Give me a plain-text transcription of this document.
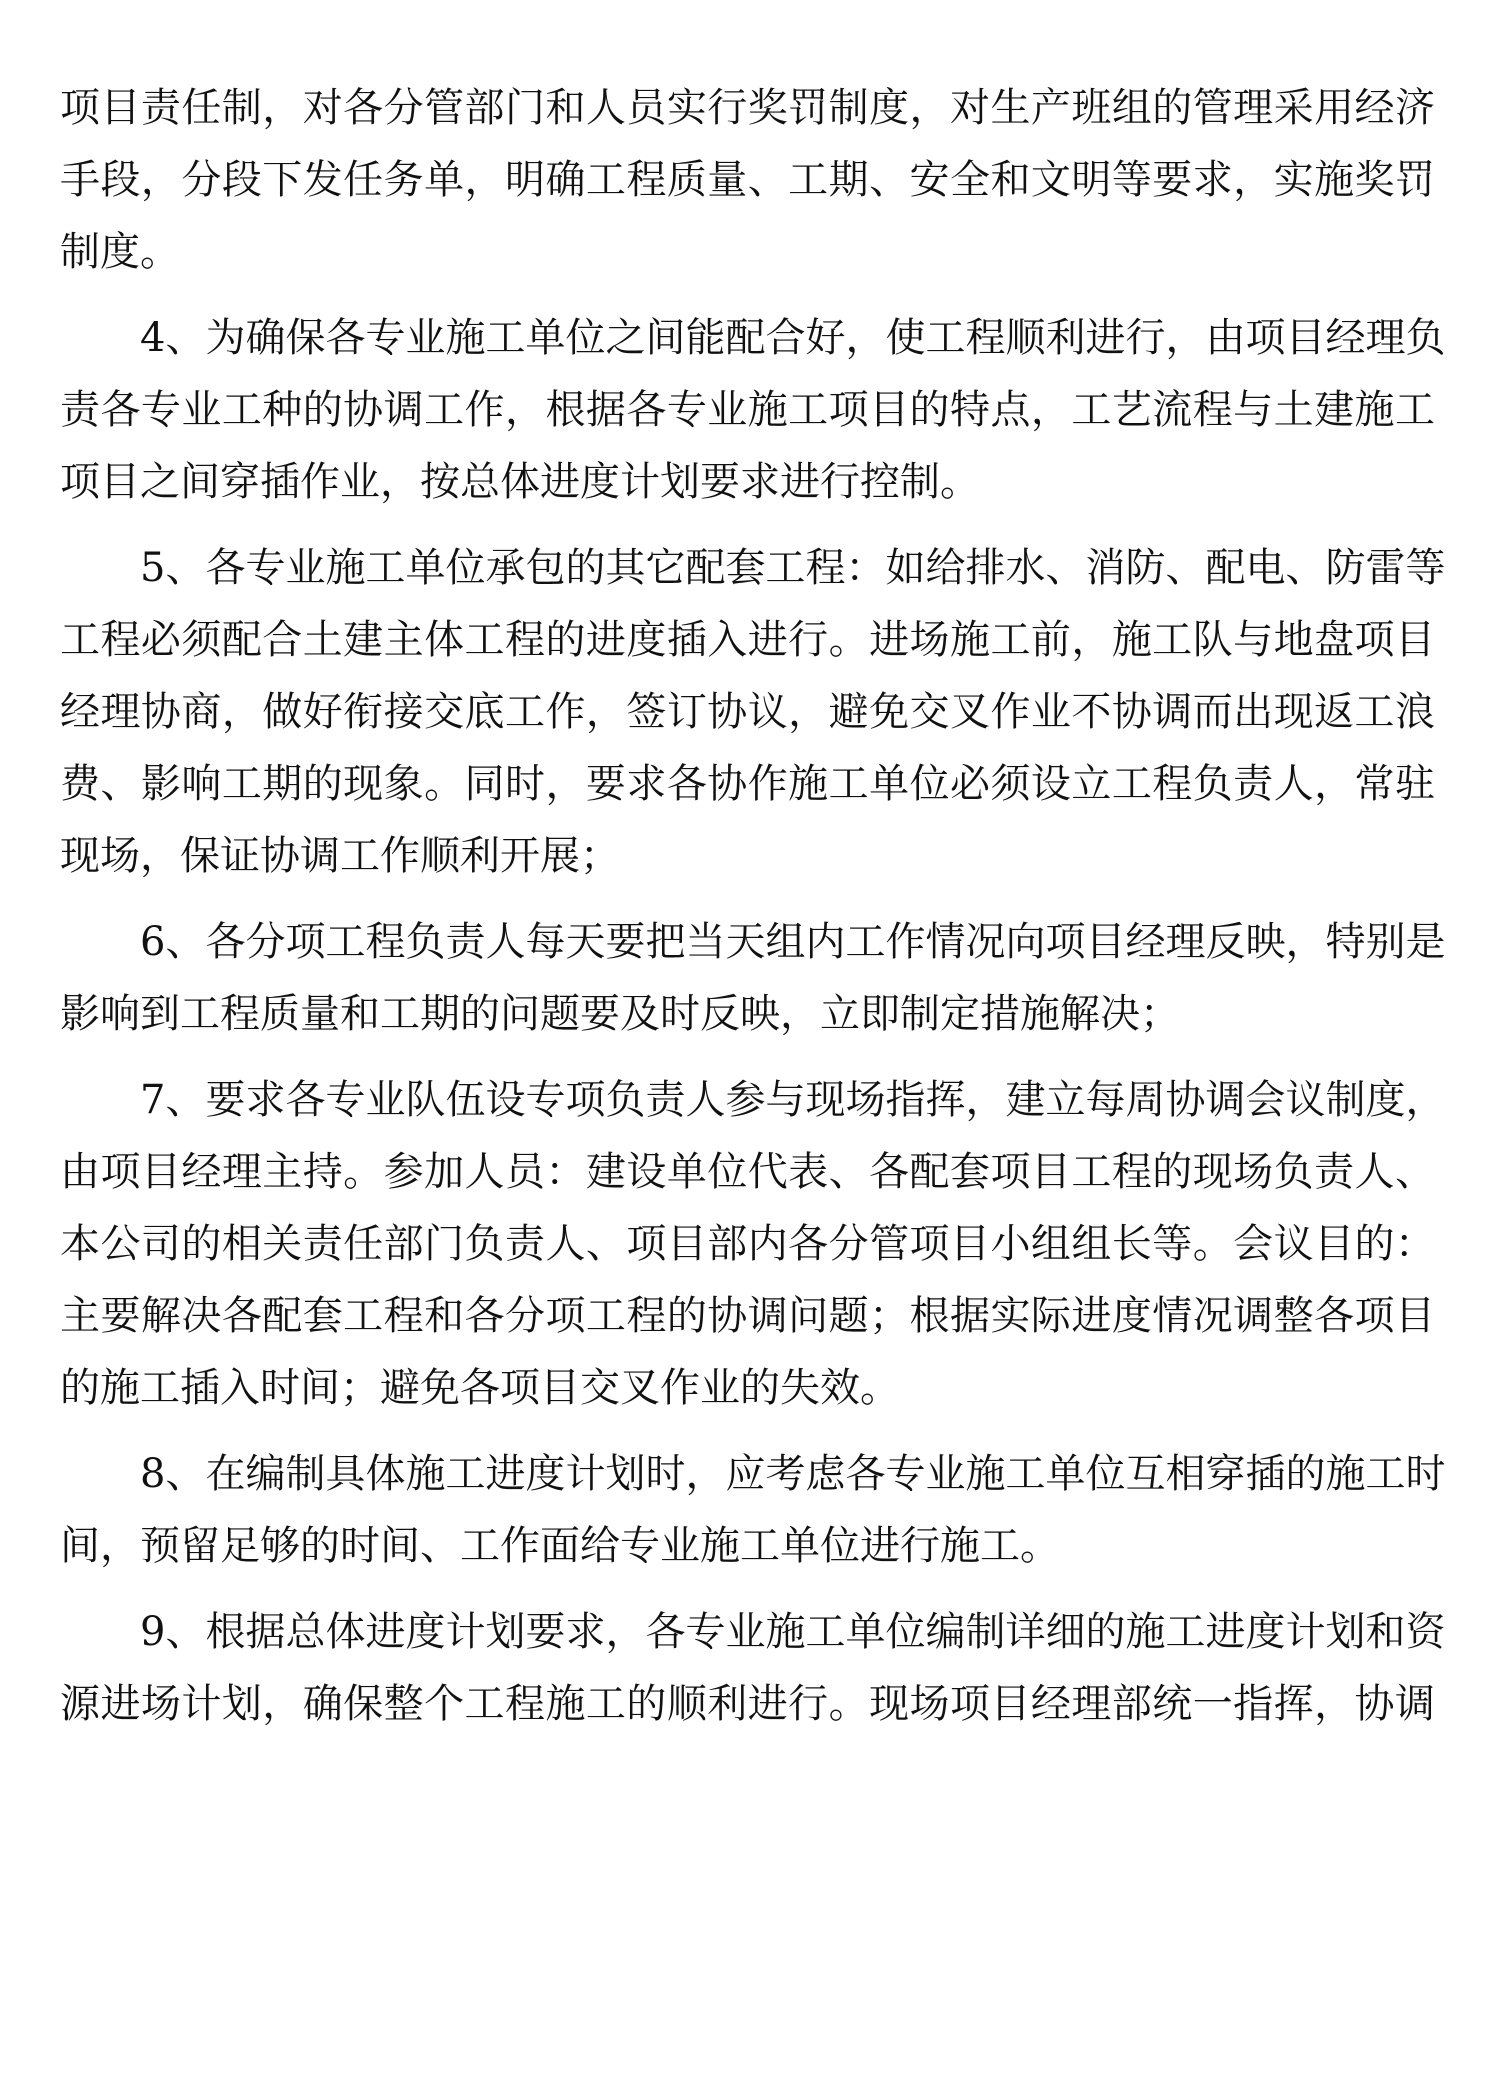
项目责任制，对各分管部门和人员实行奖罚制度，对生产班组的管理采用经济
手段，分段下发任务单，明确工程质量、工期、安全和文明等要求，实施奖罚
制度。

4、为确保各专业施工单位之间能配合好，使工程顺利进行，由项目经理负
责各专业工种的协调工作，根据各专业施工项目的特点，工艺流程与土建施工
项目之间穿插作业，按总体进度计划要求进行控制。

5、各专业施工单位承包的其它配套工程：如给排水、消防、配电、防雷等
工程必须配合土建主体工程的进度插入进行。进场施工前，施工队与地盘项目
经理协商，做好衔接交底工作，签订协议，避免交叉作业不协调而出现返工浪
费、影响工期的现象。同时，要求各协作施工单位必须设立工程负责人，常驻
现场，保证协调工作顺利开展；

6、各分项工程负责人每天要把当天组内工作情况向项目经理反映，特别是
影响到工程质量和工期的问题要及时反映，立即制定措施解决；

7、要求各专业队伍设专项负责人参与现场指挥，建立每周协调会议制度，
由项目经理主持。参加人员：建设单位代表、各配套项目工程的现场负责人、
本公司的相关责任部门负责人、项目部内各分管项目小组组长等。会议目的：
主要解决各配套工程和各分项工程的协调问题；根据实际进度情况调整各项目
的施工插入时间；避免各项目交叉作业的失效。

8、在编制具体施工进度计划时，应考虑各专业施工单位互相穿插的施工时
间，预留足够的时间、工作面给专业施工单位进行施工。

9、根据总体进度计划要求，各专业施工单位编制详细的施工进度计划和资
源进场计划，确保整个工程施工的顺利进行。现场项目经理部统一指挥，协调
